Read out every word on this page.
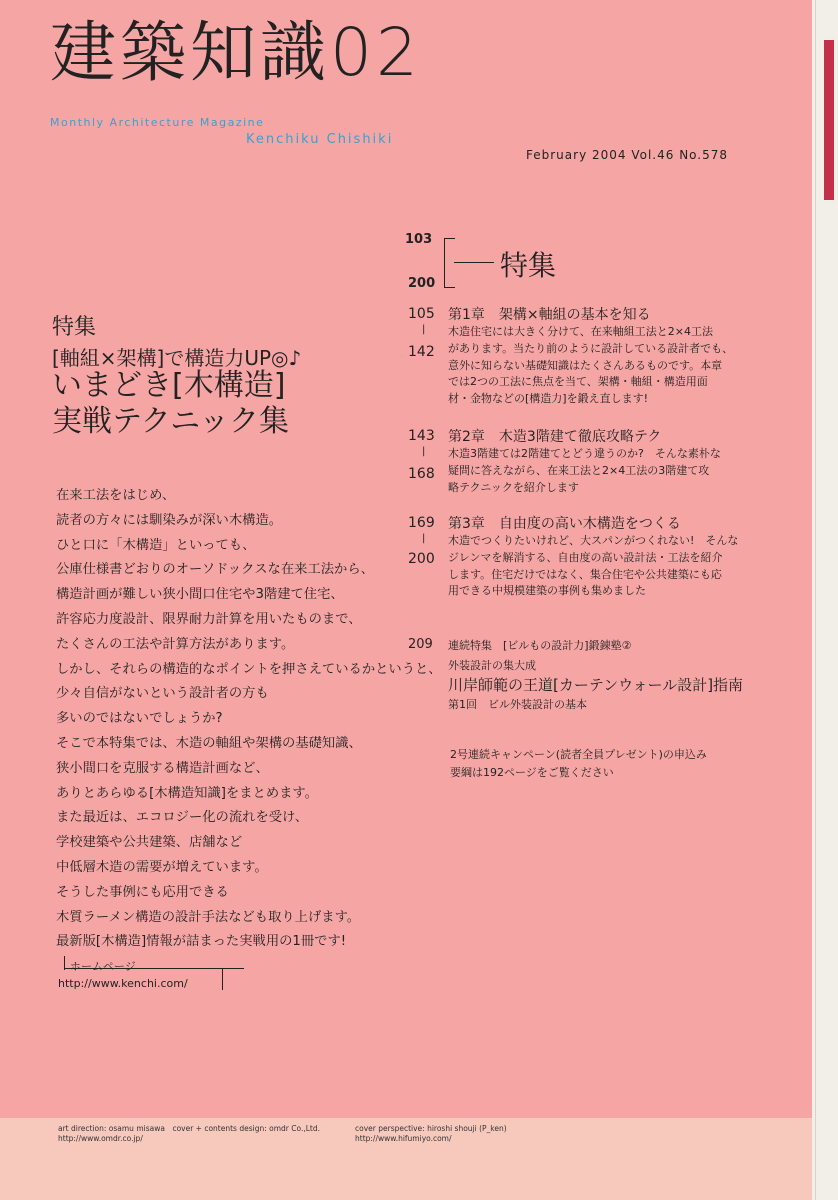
建築知識02
Monthly Architecture Magazine
Kenchiku Chishiki
February 2004 Vol.46 No.578
103
200
特集
特集
[軸組×架構]で構造力UP◎♪
いまどき[木構造]
実戦テクニック集
在来工法をはじめ、
読者の方々には馴染みが深い木構造。
ひと口に「木構造」といっても、
公庫仕様書どおりのオーソドックスな在来工法から、
構造計画が難しい狭小間口住宅や3階建て住宅、
許容応力度設計、限界耐力計算を用いたものまで、
たくさんの工法や計算方法があります。
しかし、それらの構造的なポイントを押さえているかというと、
少々自信がないという設計者の方も
多いのではないでしょうか?
そこで本特集では、木造の軸組や架構の基礎知識、
狭小間口を克服する構造計画など、
ありとあらゆる[木構造知識]をまとめます。
また最近は、エコロジー化の流れを受け、
学校建築や公共建築、店舗など
中低層木造の需要が増えています。
そうした事例にも応用できる
木質ラーメン構造の設計手法なども取り上げます。
最新版[木構造]情報が詰まった実戦用の1冊です!
ホームページ
http://www.kenchi.com/
105
|
142
第1章　架構×軸組の基本を知る
木造住宅には大きく分けて、在来軸組工法と2×4工法
があります。当たり前のように設計している設計者でも、
意外に知らない基礎知識はたくさんあるものです。本章
では2つの工法に焦点を当て、架構・軸組・構造用面
材・金物などの[構造力]を鍛え直します!
143
|
168
第2章　木造3階建て徹底攻略テク
木造3階建ては2階建てとどう違うのか?　そんな素朴な
疑問に答えながら、在来工法と2×4工法の3階建て攻
略テクニックを紹介します
169
|
200
第3章　自由度の高い木構造をつくる
木造でつくりたいけれど、大スパンがつくれない!　そんな
ジレンマを解消する、自由度の高い設計法・工法を紹介
します。住宅だけではなく、集合住宅や公共建築にも応
用できる中規模建築の事例も集めました
209 連続特集　[ビルもの設計力]鍛錬塾②
外装設計の集大成
川岸師範の王道[カーテンウォール設計]指南
第1回　ビル外装設計の基本
2号連続キャンペーン(読者全員プレゼント)の申込み
要綱は192ページをご覧ください
art direction: osamu misawa　cover + contents design: omdr Co.,Ltd.
http://www.omdr.co.jp/
cover perspective: hiroshi shouji (P_ken)
http://www.hifumiyo.com/
